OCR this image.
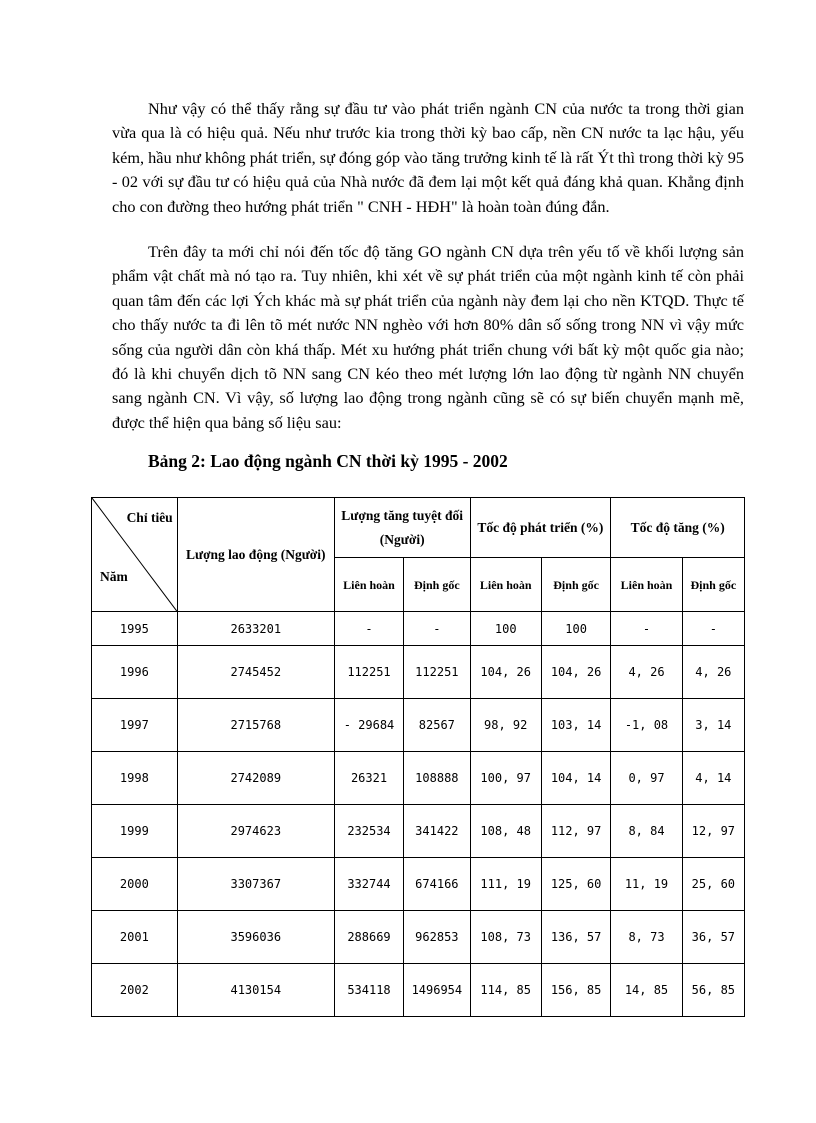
Như vậy có thể thấy rằng sự đầu tư vào phát triển ngành CN của nước ta trong thời gian vừa qua là có hiệu quả. Nếu như trước kia trong thời kỳ bao cấp, nền CN nước ta lạc hậu, yếu kém, hầu như không phát triển, sự đóng góp vào tăng trưởng kinh tế là rất Ýt thì trong thời kỳ 95 - 02 với sự đầu tư có hiệu quả của Nhà nước đã đem lại một kết quả đáng khả quan. Khẳng định cho con đường theo hướng phát triển " CNH - HĐH" là hoàn toàn đúng đắn.

Trên đây ta mới chỉ nói đến tốc độ tăng GO ngành CN dựa trên yếu tố về khối lượng sản phẩm vật chất mà nó tạo ra. Tuy nhiên, khi xét về sự phát triển của một ngành kinh tế còn phải quan tâm đến các lợi Ých khác mà sự phát triển của ngành này đem lại cho nền KTQD. Thực tế cho thấy nước ta đi lên tõ mét nước NN nghèo với hơn 80% dân số sống trong NN vì vậy mức sống của người dân còn khá thấp. Mét xu hướng phát triển chung với bất kỳ một quốc gia nào; đó là khi chuyển dịch tõ NN sang CN kéo theo mét lượng lớn lao động từ ngành NN chuyển sang ngành CN. Vì vậy, số lượng lao động trong ngành cũng sẽ có sự biến chuyển mạnh mẽ, được thể hiện qua bảng số liệu sau:

Bảng 2: Lao động ngành CN thời kỳ 1995 - 2002

Chỉ tiêu
Năm	Lượng lao động (Người)	Lượng tăng tuyệt đối (Người)		Tốc độ phát triển (%)		Tốc độ tăng (%)	
		Liên hoàn	Định gốc	Liên hoàn	Định gốc	Liên hoàn	Định gốc
1995	2633201	-	-	100	100	-	-
1996	2745452	112251	112251	104, 26	104, 26	4, 26	4, 26
1997	2715768	- 29684	82567	98, 92	103, 14	-1, 08	3, 14
1998	2742089	26321	108888	100, 97	104, 14	0, 97	4, 14
1999	2974623	232534	341422	108, 48	112, 97	8, 84	12, 97
2000	3307367	332744	674166	111, 19	125, 60	11, 19	25, 60
2001	3596036	288669	962853	108, 73	136, 57	8, 73	36, 57
2002	4130154	534118	1496954	114, 85	156, 85	14, 85	56, 85
